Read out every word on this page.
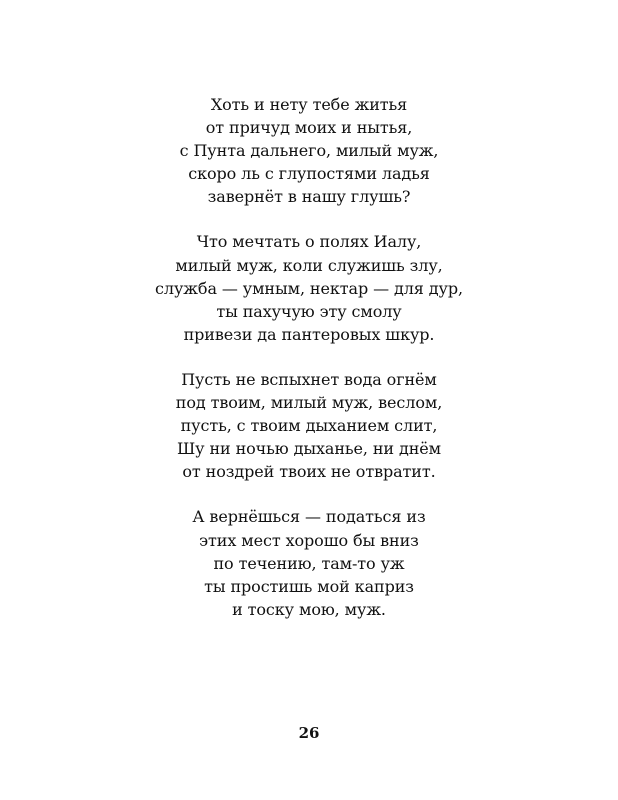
Хоть и нету тебе житья
от причуд моих и нытья,
с Пунта дальнего, милый муж,
скоро ль с глупостями ладья
завернёт в нашу глушь?
Что мечтать о полях Иалу,
милый муж, коли служишь злу,
служба — умным, нектар — для дур,
ты пахучую эту смолу
привези да пантеровых шкур.
Пусть не вспыхнет вода огнём
под твоим, милый муж, веслом,
пусть, с твоим дыханием слит,
Шу ни ночью дыханье, ни днём
от ноздрей твоих не отвратит.
А вернёшься — податься из
этих мест хорошо бы вниз
по течению, там-то уж
ты простишь мой каприз
и тоску мою, муж.
26
